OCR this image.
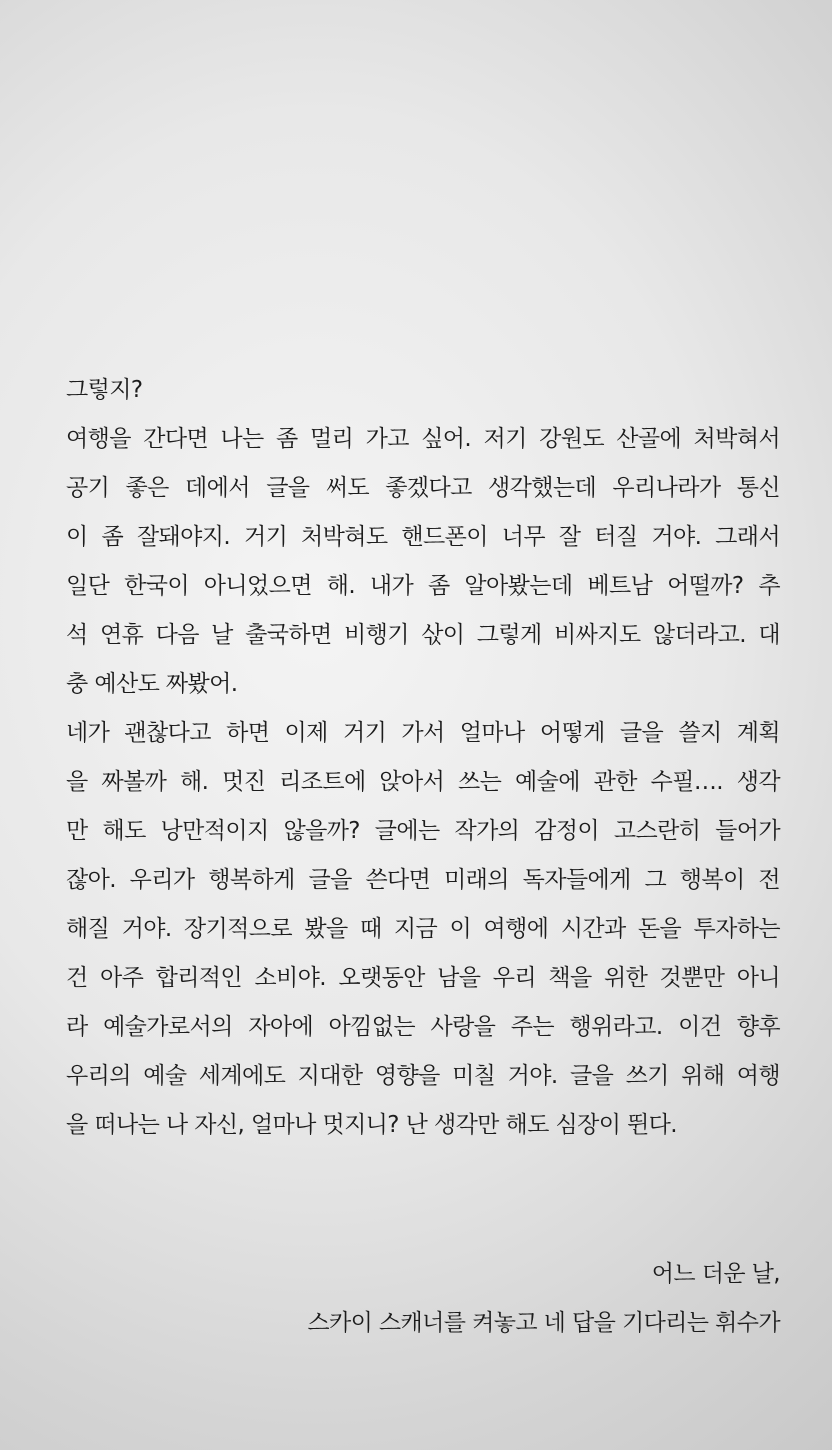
그렇지?
여행을 간다면 나는 좀 멀리 가고 싶어. 저기 강원도 산골에 처박혀서
공기 좋은 데에서 글을 써도 좋겠다고 생각했는데 우리나라가 통신
이 좀 잘돼야지. 거기 처박혀도 핸드폰이 너무 잘 터질 거야. 그래서
일단 한국이 아니었으면 해. 내가 좀 알아봤는데 베트남 어떨까? 추
석 연휴 다음 날 출국하면 비행기 삯이 그렇게 비싸지도 않더라고. 대
충 예산도 짜봤어.
네가 괜찮다고 하면 이제 거기 가서 얼마나 어떻게 글을 쓸지 계획
을 짜볼까 해. 멋진 리조트에 앉아서 쓰는 예술에 관한 수필…. 생각
만 해도 낭만적이지 않을까? 글에는 작가의 감정이 고스란히 들어가
잖아. 우리가 행복하게 글을 쓴다면 미래의 독자들에게 그 행복이 전
해질 거야. 장기적으로 봤을 때 지금 이 여행에 시간과 돈을 투자하는
건 아주 합리적인 소비야. 오랫동안 남을 우리 책을 위한 것뿐만 아니
라 예술가로서의 자아에 아낌없는 사랑을 주는 행위라고. 이건 향후
우리의 예술 세계에도 지대한 영향을 미칠 거야. 글을 쓰기 위해 여행
을 떠나는 나 자신, 얼마나 멋지니? 난 생각만 해도 심장이 뛴다.
어느 더운 날,
스카이 스캐너를 켜놓고 네 답을 기다리는 휘수가
